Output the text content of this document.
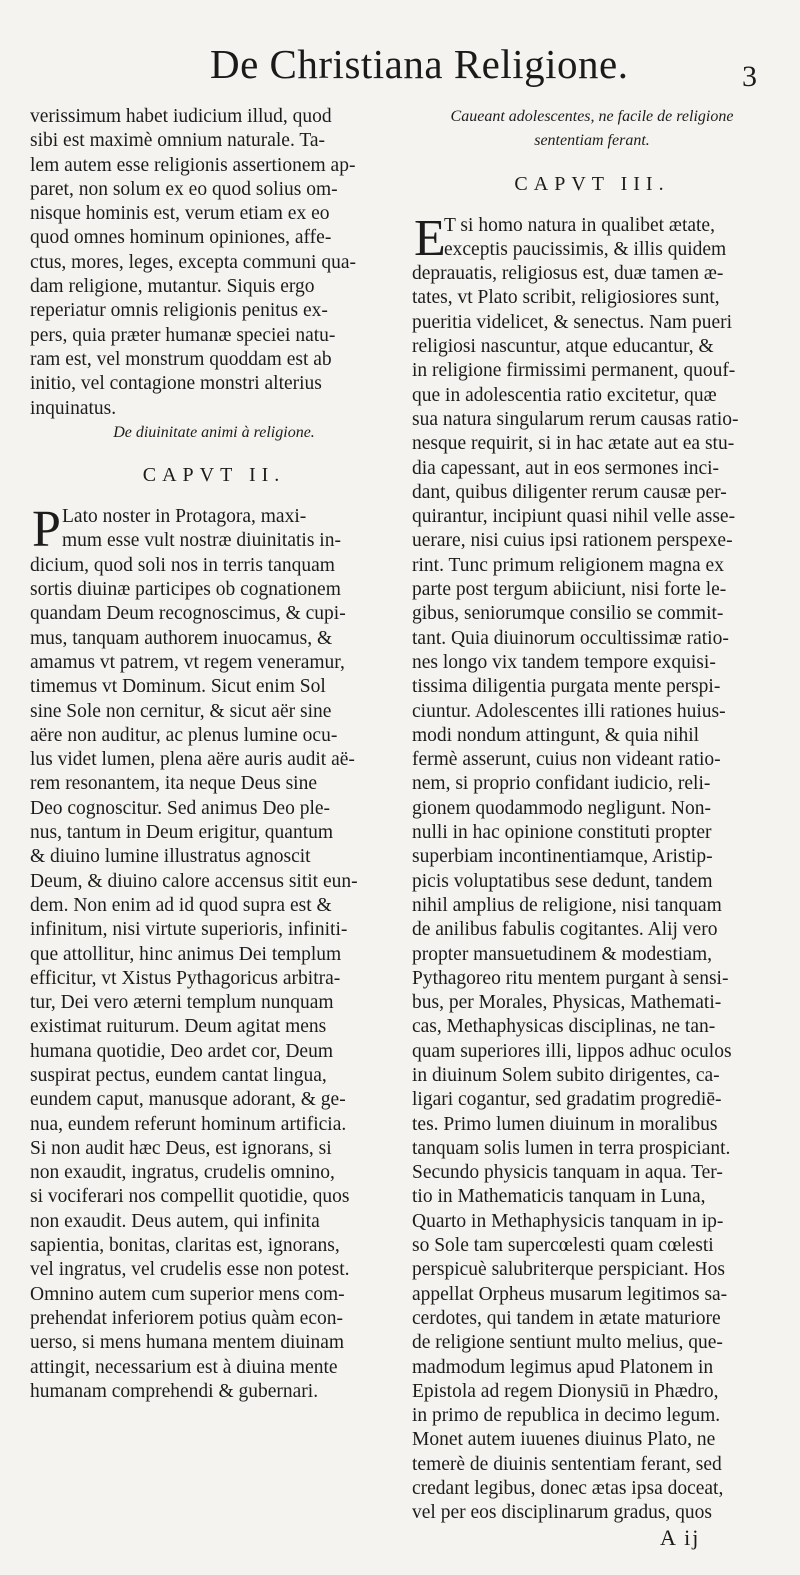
De Christiana Religione.	3
verissimum habet iudicium illud, quod
sibi est maximè omnium naturale. Ta-
lem autem esse religionis assertionem ap-
paret, non solum ex eo quod solius om-
nisque hominis est, verum etiam ex eo
quod omnes hominum opiniones, affe-
ctus, mores, leges, excepta communi qua-
dam religione, mutantur. Siquis ergo
reperiatur omnis religionis penitus ex-
pers, quia præter humanæ speciei natu-
ram est, vel monstrum quoddam est ab
initio, vel contagione monstri alterius
inquinatus.
De diuinitate animi à religione.
CAPVT II.
P Lato noster in Protagora, maxi-
mum esse vult nostræ diuinitatis in-
dicium, quod soli nos in terris tanquam
sortis diuinæ participes ob cognationem
quandam Deum recognoscimus, & cupi-
mus, tanquam authorem inuocamus, &
amamus vt patrem, vt regem veneramur,
timemus vt Dominum. Sicut enim Sol
sine Sole non cernitur, & sicut aër sine
aëre non auditur, ac plenus lumine ocu-
lus videt lumen, plena aëre auris audit aë-
rem resonantem, ita neque Deus sine
Deo cognoscitur. Sed animus Deo ple-
nus, tantum in Deum erigitur, quantum
& diuino lumine illustratus agnoscit
Deum, & diuino calore accensus sitit eun-
dem. Non enim ad id quod supra est &
infinitum, nisi virtute superioris, infiniti-
que attollitur, hinc animus Dei templum
efficitur, vt Xistus Pythagoricus arbitra-
tur, Dei vero æterni templum nunquam
existimat ruiturum. Deum agitat mens
humana quotidie, Deo ardet cor, Deum
suspirat pectus, eundem cantat lingua,
eundem caput, manusque adorant, & ge-
nua, eundem referunt hominum artificia.
Si non audit hæc Deus, est ignorans, si
non exaudit, ingratus, crudelis omnino,
si vociferari nos compellit quotidie, quos
non exaudit. Deus autem, qui infinita
sapientia, bonitas, claritas est, ignorans,
vel ingratus, vel crudelis esse non potest.
Omnino autem cum superior mens com-
prehendat inferiorem potius quàm econ-
uerso, si mens humana mentem diuinam
attingit, necessarium est à diuina mente
humanam comprehendi & gubernari.
Caueant adolescentes, ne facile de religione
sententiam ferant.
CAPVT III.
E
T si homo natura in qualibet ætate,
exceptis paucissimis, & illis quidem
deprauatis, religiosus est, duæ tamen æ-
tates, vt Plato scribit, religiosiores sunt,
pueritia videlicet, & senectus. Nam pueri
religiosi nascuntur, atque educantur, &
in religione firmissimi permanent, quouf-
que in adolescentia ratio excitetur, quæ
sua natura singularum rerum causas ratio-
nesque requirit, si in hac ætate aut ea stu-
dia capessant, aut in eos sermones inci-
dant, quibus diligenter rerum causæ per-
quirantur, incipiunt quasi nihil velle asse-
uerare, nisi cuius ipsi rationem perspexe-
rint. Tunc primum religionem magna ex
parte post tergum abiiciunt, nisi forte le-
gibus, seniorumque consilio se commit-
tant. Quia diuinorum occultissimæ ratio-
nes longo vix tandem tempore exquisi-
tissima diligentia purgata mente perspi-
ciuntur. Adolescentes illi rationes huius-
modi nondum attingunt, & quia nihil
fermè asserunt, cuius non videant ratio-
nem, si proprio confidant iudicio, reli-
gionem quodammodo negligunt. Non-
nulli in hac opinione constituti propter
superbiam incontinentiamque, Aristip-
picis voluptatibus sese dedunt, tandem
nihil amplius de religione, nisi tanquam
de anilibus fabulis cogitantes. Alij vero
propter mansuetudinem & modestiam,
Pythagoreo ritu mentem purgant à sensi-
bus, per Morales, Physicas, Mathemati-
cas, Methaphysicas disciplinas, ne tan-
quam superiores illi, lippos adhuc oculos
in diuinum Solem subito dirigentes, ca-
ligari cogantur, sed gradatim progrediē-
tes. Primo lumen diuinum in moralibus
tanquam solis lumen in terra prospiciant.
Secundo physicis tanquam in aqua. Ter-
tio in Mathematicis tanquam in Luna,
Quarto in Methaphysicis tanquam in ip-
so Sole tam supercœlesti quam cœlesti
perspicuè salubriterque perspiciant. Hos
appellat Orpheus musarum legitimos sa-
cerdotes, qui tandem in ætate maturiore
de religione sentiunt multo melius, que-
madmodum legimus apud Platonem in
Epistola ad regem Dionysiū in Phædro,
in primo de republica in decimo legum.
Monet autem iuuenes diuinus Plato, ne
temerè de diuinis sententiam ferant, sed
credant legibus, donec ætas ipsa doceat,
vel per eos disciplinarum gradus, quos
A ij
